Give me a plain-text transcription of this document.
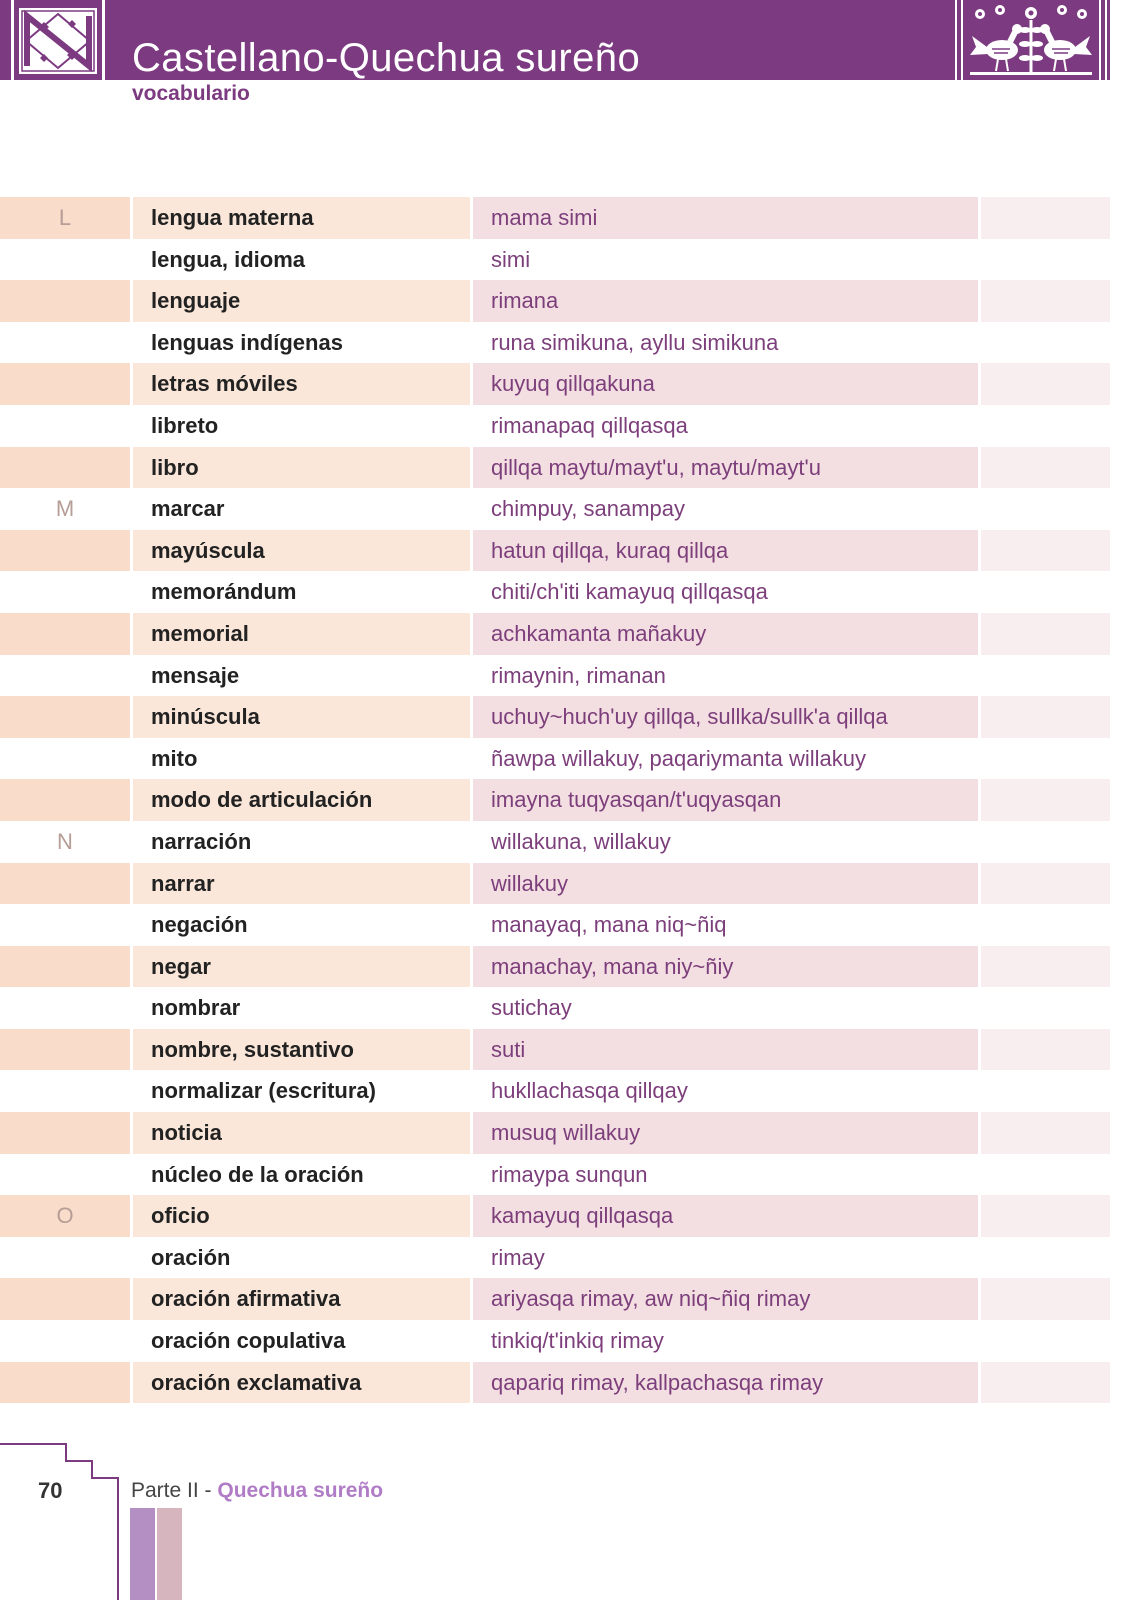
Castellano-Quechua sureño
vocabulario
L	lengua materna	mama simi
lengua, idioma	simi
lenguaje	rimana
lenguas indígenas	runa simikuna, ayllu simikuna
letras móviles	kuyuq qillqakuna
libreto	rimanapaq qillqasqa
libro	qillqa maytu/mayt'u, maytu/mayt'u
M	marcar	chimpuy, sanampay
mayúscula	hatun qillqa, kuraq qillqa
memorándum	chiti/ch'iti kamayuq qillqasqa
memorial	achkamanta mañakuy
mensaje	rimaynin, rimanan
minúscula	uchuy~huch'uy qillqa, sullka/sullk'a qillqa
mito	ñawpa willakuy, paqariymanta willakuy
modo de articulación	imayna tuqyasqan/t'uqyasqan
N	narración	willakuna, willakuy
narrar	willakuy
negación	manayaq, mana niq~ñiq
negar	manachay, mana niy~ñiy
nombrar	sutichay
nombre, sustantivo	suti
normalizar (escritura)	hukllachasqa qillqay
noticia	musuq willakuy
núcleo de la oración	rimaypa sunqun
O	oficio	kamayuq qillqasqa
oración	rimay
oración afirmativa	ariyasqa rimay, aw niq~ñiq rimay
oración copulativa	tinkiq/t'inkiq rimay
oración exclamativa	qapariq rimay, kallpachasqa rimay
70	Parte II - Quechua sureño
